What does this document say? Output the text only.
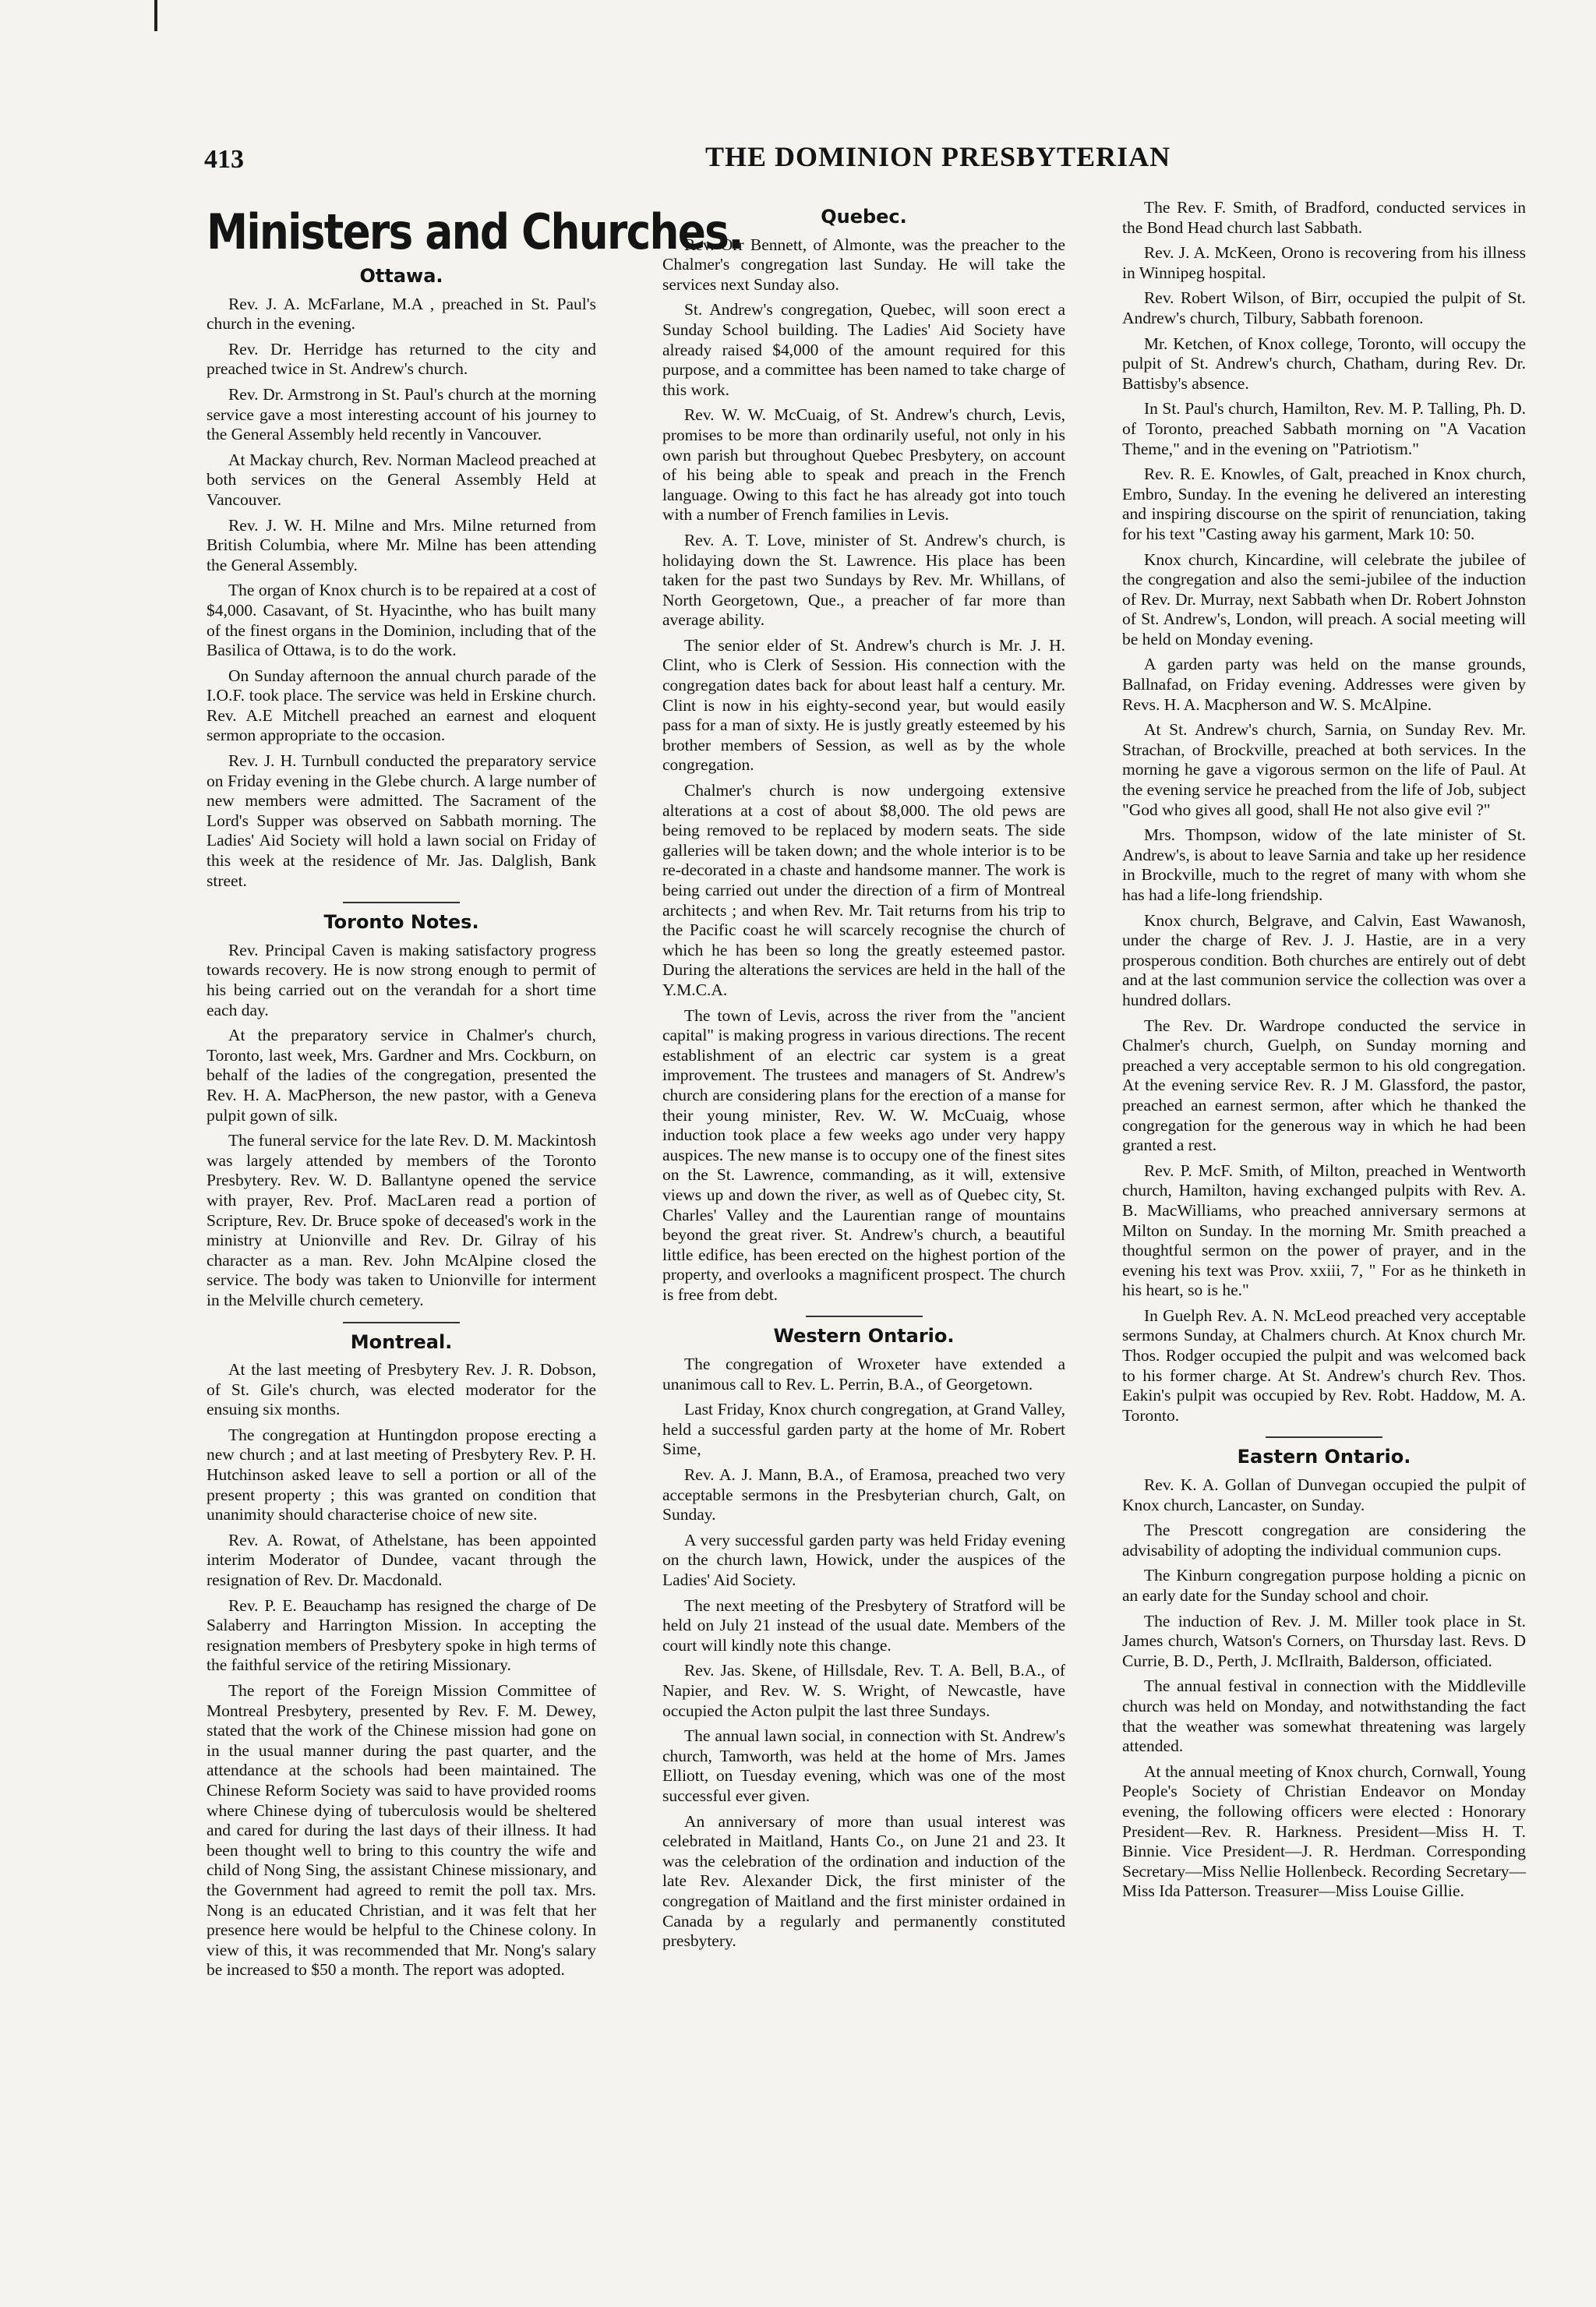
413	THE DOMINION PRESBYTERIAN
Ministers and Churches.
Ottawa.

Rev. J. A. McFarlane, M.A , preached in St. Paul's church in the evening.

Rev. Dr. Herridge has returned to the city and preached twice in St. Andrew's church.

Rev. Dr. Armstrong in St. Paul's church at the morning service gave a most interesting account of his journey to the General Assembly held recently in Vancouver.

At Mackay church, Rev. Norman Macleod preached at both services on the General Assembly Held at Vancouver.

Rev. J. W. H. Milne and Mrs. Milne returned from British Columbia, where Mr. Milne has been attending the General Assembly.

The organ of Knox church is to be repaired at a cost of $4,000. Casavant, of St. Hyacinthe, who has built many of the finest organs in the Dominion, including that of the Basilica of Ottawa, is to do the work.

On Sunday afternoon the annual church parade of the I.O.F. took place. The service was held in Erskine church. Rev. A.E Mitchell preached an earnest and eloquent sermon appropriate to the occasion.

Rev. J. H. Turnbull conducted the preparatory service on Friday evening in the Glebe church. A large number of new members were admitted. The Sacrament of the Lord's Supper was observed on Sabbath morning. The Ladies' Aid Society will hold a lawn social on Friday of this week at the residence of Mr. Jas. Dalglish, Bank street.

Toronto Notes.

Rev. Principal Caven is making satisfactory progress towards recovery. He is now strong enough to permit of his being carried out on the verandah for a short time each day.

At the preparatory service in Chalmer's church, Toronto, last week, Mrs. Gardner and Mrs. Cockburn, on behalf of the ladies of the congregation, presented the Rev. H. A. MacPherson, the new pastor, with a Geneva pulpit gown of silk.

The funeral service for the late Rev. D. M. Mackintosh was largely attended by members of the Toronto Presbytery. Rev. W. D. Ballantyne opened the service with prayer, Rev. Prof. MacLaren read a portion of Scripture, Rev. Dr. Bruce spoke of deceased's work in the ministry at Unionville and Rev. Dr. Gilray of his character as a man. Rev. John McAlpine closed the service. The body was taken to Unionville for interment in the Melville church cemetery.

Montreal.

At the last meeting of Presbytery Rev. J. R. Dobson, of St. Gile's church, was elected moderator for the ensuing six months.

The congregation at Huntingdon propose erecting a new church ; and at last meeting of Presbytery Rev. P. H. Hutchinson asked leave to sell a portion or all of the present property ; this was granted on condition that unanimity should characterise choice of new site.

Rev. A. Rowat, of Athelstane, has been appointed interim Moderator of Dundee, vacant through the resignation of Rev. Dr. Macdonald.

Rev. P. E. Beauchamp has resigned the charge of De Salaberry and Harrington Mission. In accepting the resignation members of Presbytery spoke in high terms of the faithful service of the retiring Missionary.

The report of the Foreign Mission Committee of Montreal Presbytery, presented by Rev. F. M. Dewey, stated that the work of the Chinese mission had gone on in the usual manner during the past quarter, and the attendance at the schools had been maintained. The Chinese Reform Society was said to have provided rooms where Chinese dying of tuberculosis would be sheltered and cared for during the last days of their illness. It had been thought well to bring to this country the wife and child of Nong Sing, the assistant Chinese missionary, and the Government had agreed to remit the poll tax. Mrs. Nong is an educated Christian, and it was felt that her presence here would be helpful to the Chinese colony. In view of this, it was recommended that Mr. Nong's salary be increased to $50 a month. The report was adopted.

Quebec.

Rev. Orr Bennett, of Almonte, was the preacher to the Chalmer's congregation last Sunday. He will take the services next Sunday also.

St. Andrew's congregation, Quebec, will soon erect a Sunday School building. The Ladies' Aid Society have already raised $4,000 of the amount required for this purpose, and a committee has been named to take charge of this work.

Rev. W. W. McCuaig, of St. Andrew's church, Levis, promises to be more than ordinarily useful, not only in his own parish but throughout Quebec Presbytery, on account of his being able to speak and preach in the French language. Owing to this fact he has already got into touch with a number of French families in Levis.

Rev. A. T. Love, minister of St. Andrew's church, is holidaying down the St. Lawrence. His place has been taken for the past two Sundays by Rev. Mr. Whillans, of North Georgetown, Que., a preacher of far more than average ability.

The senior elder of St. Andrew's church is Mr. J. H. Clint, who is Clerk of Session. His connection with the congregation dates back for about least half a century. Mr. Clint is now in his eighty-second year, but would easily pass for a man of sixty. He is justly greatly esteemed by his brother members of Session, as well as by the whole congregation.

Chalmer's church is now undergoing extensive alterations at a cost of about $8,000. The old pews are being removed to be replaced by modern seats. The side galleries will be taken down; and the whole interior is to be re-decorated in a chaste and handsome manner. The work is being carried out under the direction of a firm of Montreal architects ; and when Rev. Mr. Tait returns from his trip to the Pacific coast he will scarcely recognise the church of which he has been so long the greatly esteemed pastor. During the alterations the services are held in the hall of the Y.M.C.A.

The town of Levis, across the river from the "ancient capital" is making progress in various directions. The recent establishment of an electric car system is a great improvement. The trustees and managers of St. Andrew's church are considering plans for the erection of a manse for their young minister, Rev. W. W. McCuaig, whose induction took place a few weeks ago under very happy auspices. The new manse is to occupy one of the finest sites on the St. Lawrence, commanding, as it will, extensive views up and down the river, as well as of Quebec city, St. Charles' Valley and the Laurentian range of mountains beyond the great river. St. Andrew's church, a beautiful little edifice, has been erected on the highest portion of the property, and overlooks a magnificent prospect. The church is free from debt.

Western Ontario.

The congregation of Wroxeter have extended a unanimous call to Rev. L. Perrin, B.A., of Georgetown.

Last Friday, Knox church congregation, at Grand Valley, held a successful garden party at the home of Mr. Robert Sime,

Rev. A. J. Mann, B.A., of Eramosa, preached two very acceptable sermons in the Presbyterian church, Galt, on Sunday.

A very successful garden party was held Friday evening on the church lawn, Howick, under the auspices of the Ladies' Aid Society.

The next meeting of the Presbytery of Stratford will be held on July 21 instead of the usual date. Members of the court will kindly note this change.

Rev. Jas. Skene, of Hillsdale, Rev. T. A. Bell, B.A., of Napier, and Rev. W. S. Wright, of Newcastle, have occupied the Acton pulpit the last three Sundays.

The annual lawn social, in connection with St. Andrew's church, Tamworth, was held at the home of Mrs. James Elliott, on Tuesday evening, which was one of the most successful ever given.

An anniversary of more than usual interest was celebrated in Maitland, Hants Co., on June 21 and 23. It was the celebration of the ordination and induction of the late Rev. Alexander Dick, the first minister of the congregation of Maitland and the first minister ordained in Canada by a regularly and permanently constituted presbytery.

The Rev. F. Smith, of Bradford, conducted services in the Bond Head church last Sabbath.

Rev. J. A. McKeen, Orono is recovering from his illness in Winnipeg hospital.

Rev. Robert Wilson, of Birr, occupied the pulpit of St. Andrew's church, Tilbury, Sabbath forenoon.

Mr. Ketchen, of Knox college, Toronto, will occupy the pulpit of St. Andrew's church, Chatham, during Rev. Dr. Battisby's absence.

In St. Paul's church, Hamilton, Rev. M. P. Talling, Ph. D. of Toronto, preached Sabbath morning on "A Vacation Theme," and in the evening on "Patriotism."

Rev. R. E. Knowles, of Galt, preached in Knox church, Embro, Sunday. In the evening he delivered an interesting and inspiring discourse on the spirit of renunciation, taking for his text "Casting away his garment, Mark 10: 50.

Knox church, Kincardine, will celebrate the jubilee of the congregation and also the semi-jubilee of the induction of Rev. Dr. Murray, next Sabbath when Dr. Robert Johnston of St. Andrew's, London, will preach. A social meeting will be held on Monday evening.

A garden party was held on the manse grounds, Ballnafad, on Friday evening. Addresses were given by Revs. H. A. Macpherson and W. S. McAlpine.

At St. Andrew's church, Sarnia, on Sunday Rev. Mr. Strachan, of Brockville, preached at both services. In the morning he gave a vigorous sermon on the life of Paul. At the evening service he preached from the life of Job, subject "God who gives all good, shall He not also give evil ?"

Mrs. Thompson, widow of the late minister of St. Andrew's, is about to leave Sarnia and take up her residence in Brockville, much to the regret of many with whom she has had a life-long friendship.

Knox church, Belgrave, and Calvin, East Wawanosh, under the charge of Rev. J. J. Hastie, are in a very prosperous condition. Both churches are entirely out of debt and at the last communion service the collection was over a hundred dollars.

The Rev. Dr. Wardrope conducted the service in Chalmer's church, Guelph, on Sunday morning and preached a very acceptable sermon to his old congregation. At the evening service Rev. R. J M. Glassford, the pastor, preached an earnest sermon, after which he thanked the congregation for the generous way in which he had been granted a rest.

Rev. P. McF. Smith, of Milton, preached in Wentworth church, Hamilton, having exchanged pulpits with Rev. A. B. MacWilliams, who preached anniversary sermons at Milton on Sunday. In the morning Mr. Smith preached a thoughtful sermon on the power of prayer, and in the evening his text was Prov. xxiii, 7, " For as he thinketh in his heart, so is he."

In Guelph Rev. A. N. McLeod preached very acceptable sermons Sunday, at Chalmers church. At Knox church Mr. Thos. Rodger occupied the pulpit and was welcomed back to his former charge. At St. Andrew's church Rev. Thos. Eakin's pulpit was occupied by Rev. Robt. Haddow, M. A. Toronto.

Eastern Ontario.

Rev. K. A. Gollan of Dunvegan occupied the pulpit of Knox church, Lancaster, on Sunday.

The Prescott congregation are considering the advisability of adopting the individual communion cups.

The Kinburn congregation purpose holding a picnic on an early date for the Sunday school and choir.

The induction of Rev. J. M. Miller took place in St. James church, Watson's Corners, on Thursday last. Revs. D Currie, B. D., Perth, J. McIlraith, Balderson, officiated.

The annual festival in connection with the Middleville church was held on Monday, and notwithstanding the fact that the weather was somewhat threatening was largely attended.

At the annual meeting of Knox church, Cornwall, Young People's Society of Christian Endeavor on Monday evening, the following officers were elected : Honorary President—Rev. R. Harkness. President—Miss H. T. Binnie. Vice President—J. R. Herdman. Corresponding Secretary—Miss Nellie Hollenbeck. Recording Secretary—Miss Ida Patterson. Treasurer—Miss Louise Gillie.
